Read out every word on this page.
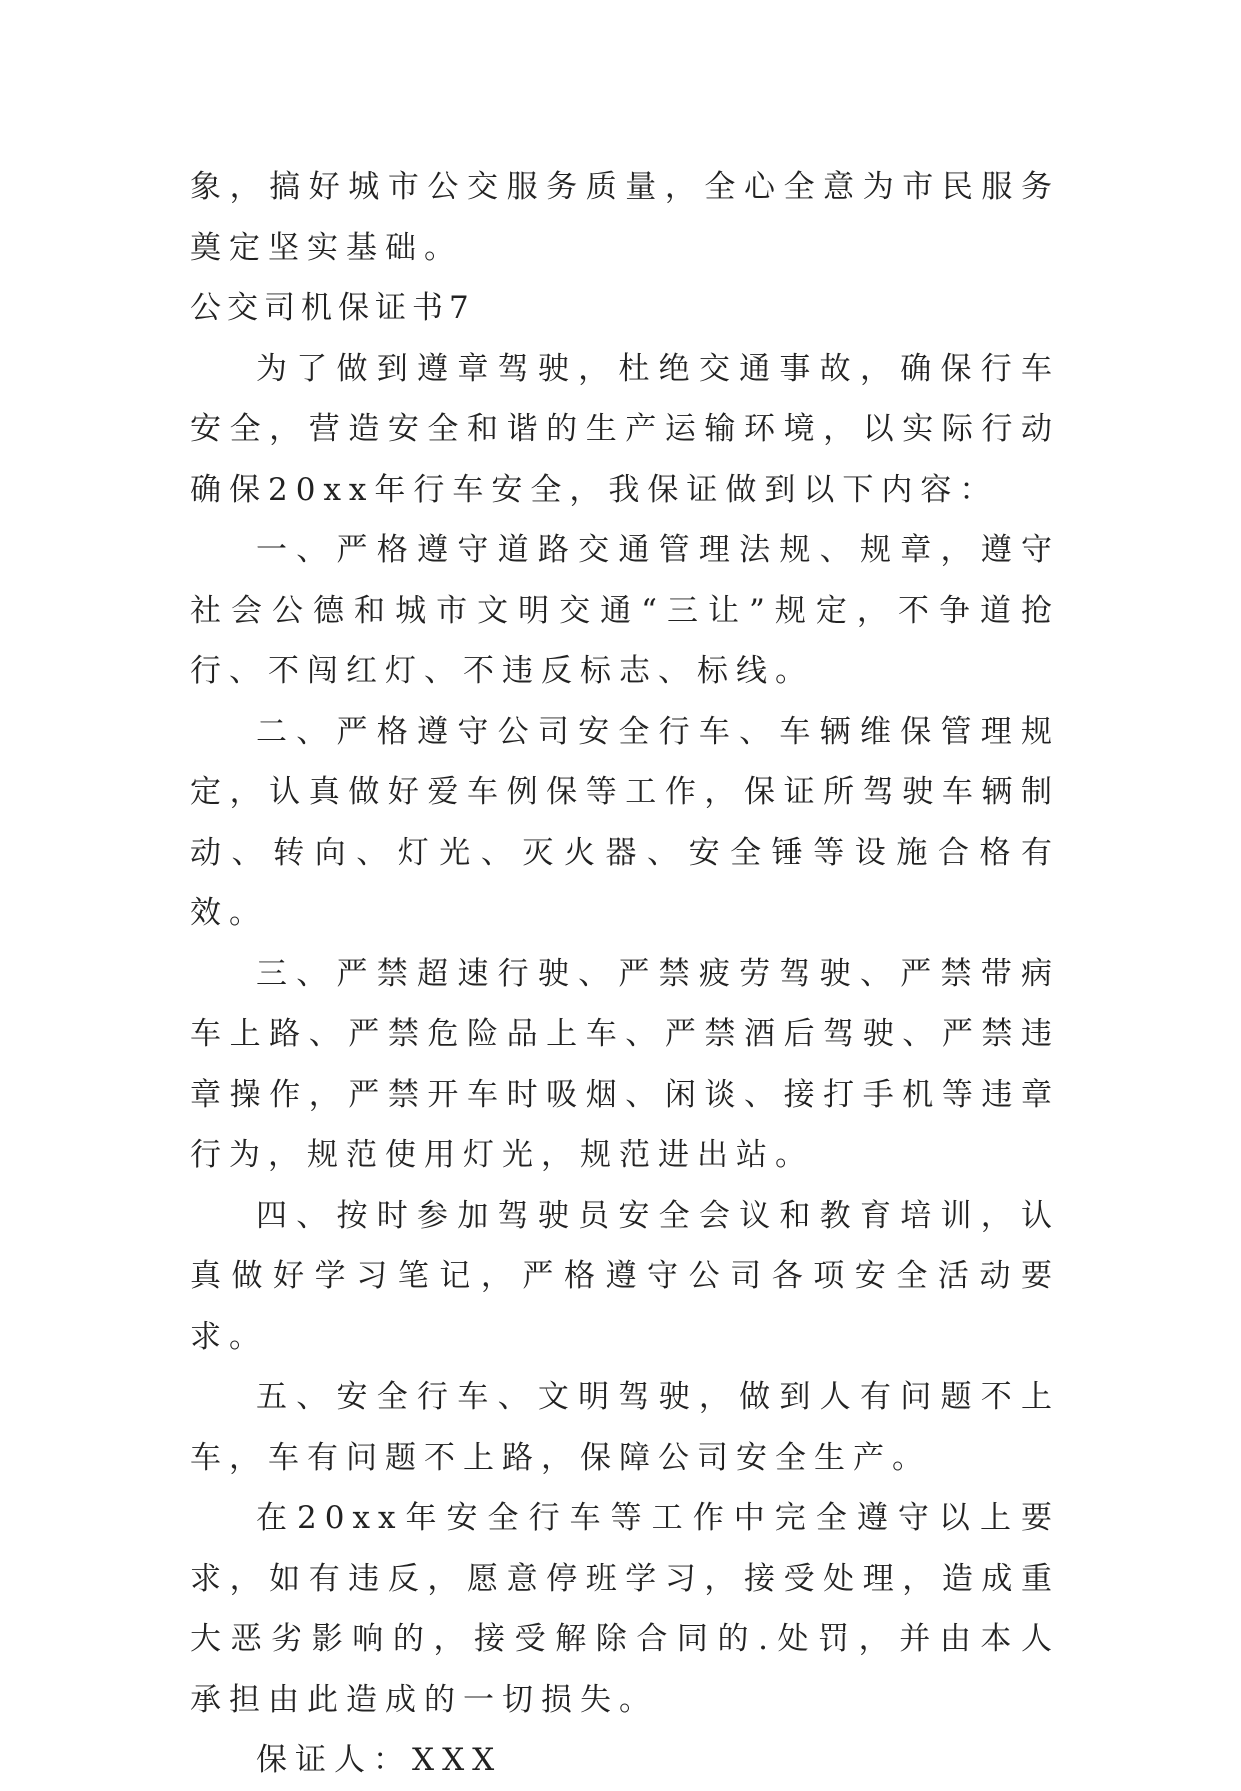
象，搞好城市公交服务质量，全心全意为市民服务奠定坚实基础。

公交司机保证书7

为了做到遵章驾驶，杜绝交通事故，确保行车安全，营造安全和谐的生产运输环境，以实际行动确保20xx年行车安全，我保证做到以下内容：

一、严格遵守道路交通管理法规、规章，遵守社会公德和城市文明交通“三让”规定，不争道抢行、不闯红灯、不违反标志、标线。

二、严格遵守公司安全行车、车辆维保管理规定，认真做好爱车例保等工作，保证所驾驶车辆制动、转向、灯光、灭火器、安全锤等设施合格有效。

三、严禁超速行驶、严禁疲劳驾驶、严禁带病车上路、严禁危险品上车、严禁酒后驾驶、严禁违章操作，严禁开车时吸烟、闲谈、接打手机等违章行为，规范使用灯光，规范进出站。

四、按时参加驾驶员安全会议和教育培训，认真做好学习笔记，严格遵守公司各项安全活动要求。

五、安全行车、文明驾驶，做到人有问题不上车，车有问题不上路，保障公司安全生产。

在20xx年安全行车等工作中完全遵守以上要求，如有违反，愿意停班学习，接受处理，造成重大恶劣影响的，接受解除合同的.处罚，并由本人承担由此造成的一切损失。

保证人：XXX
